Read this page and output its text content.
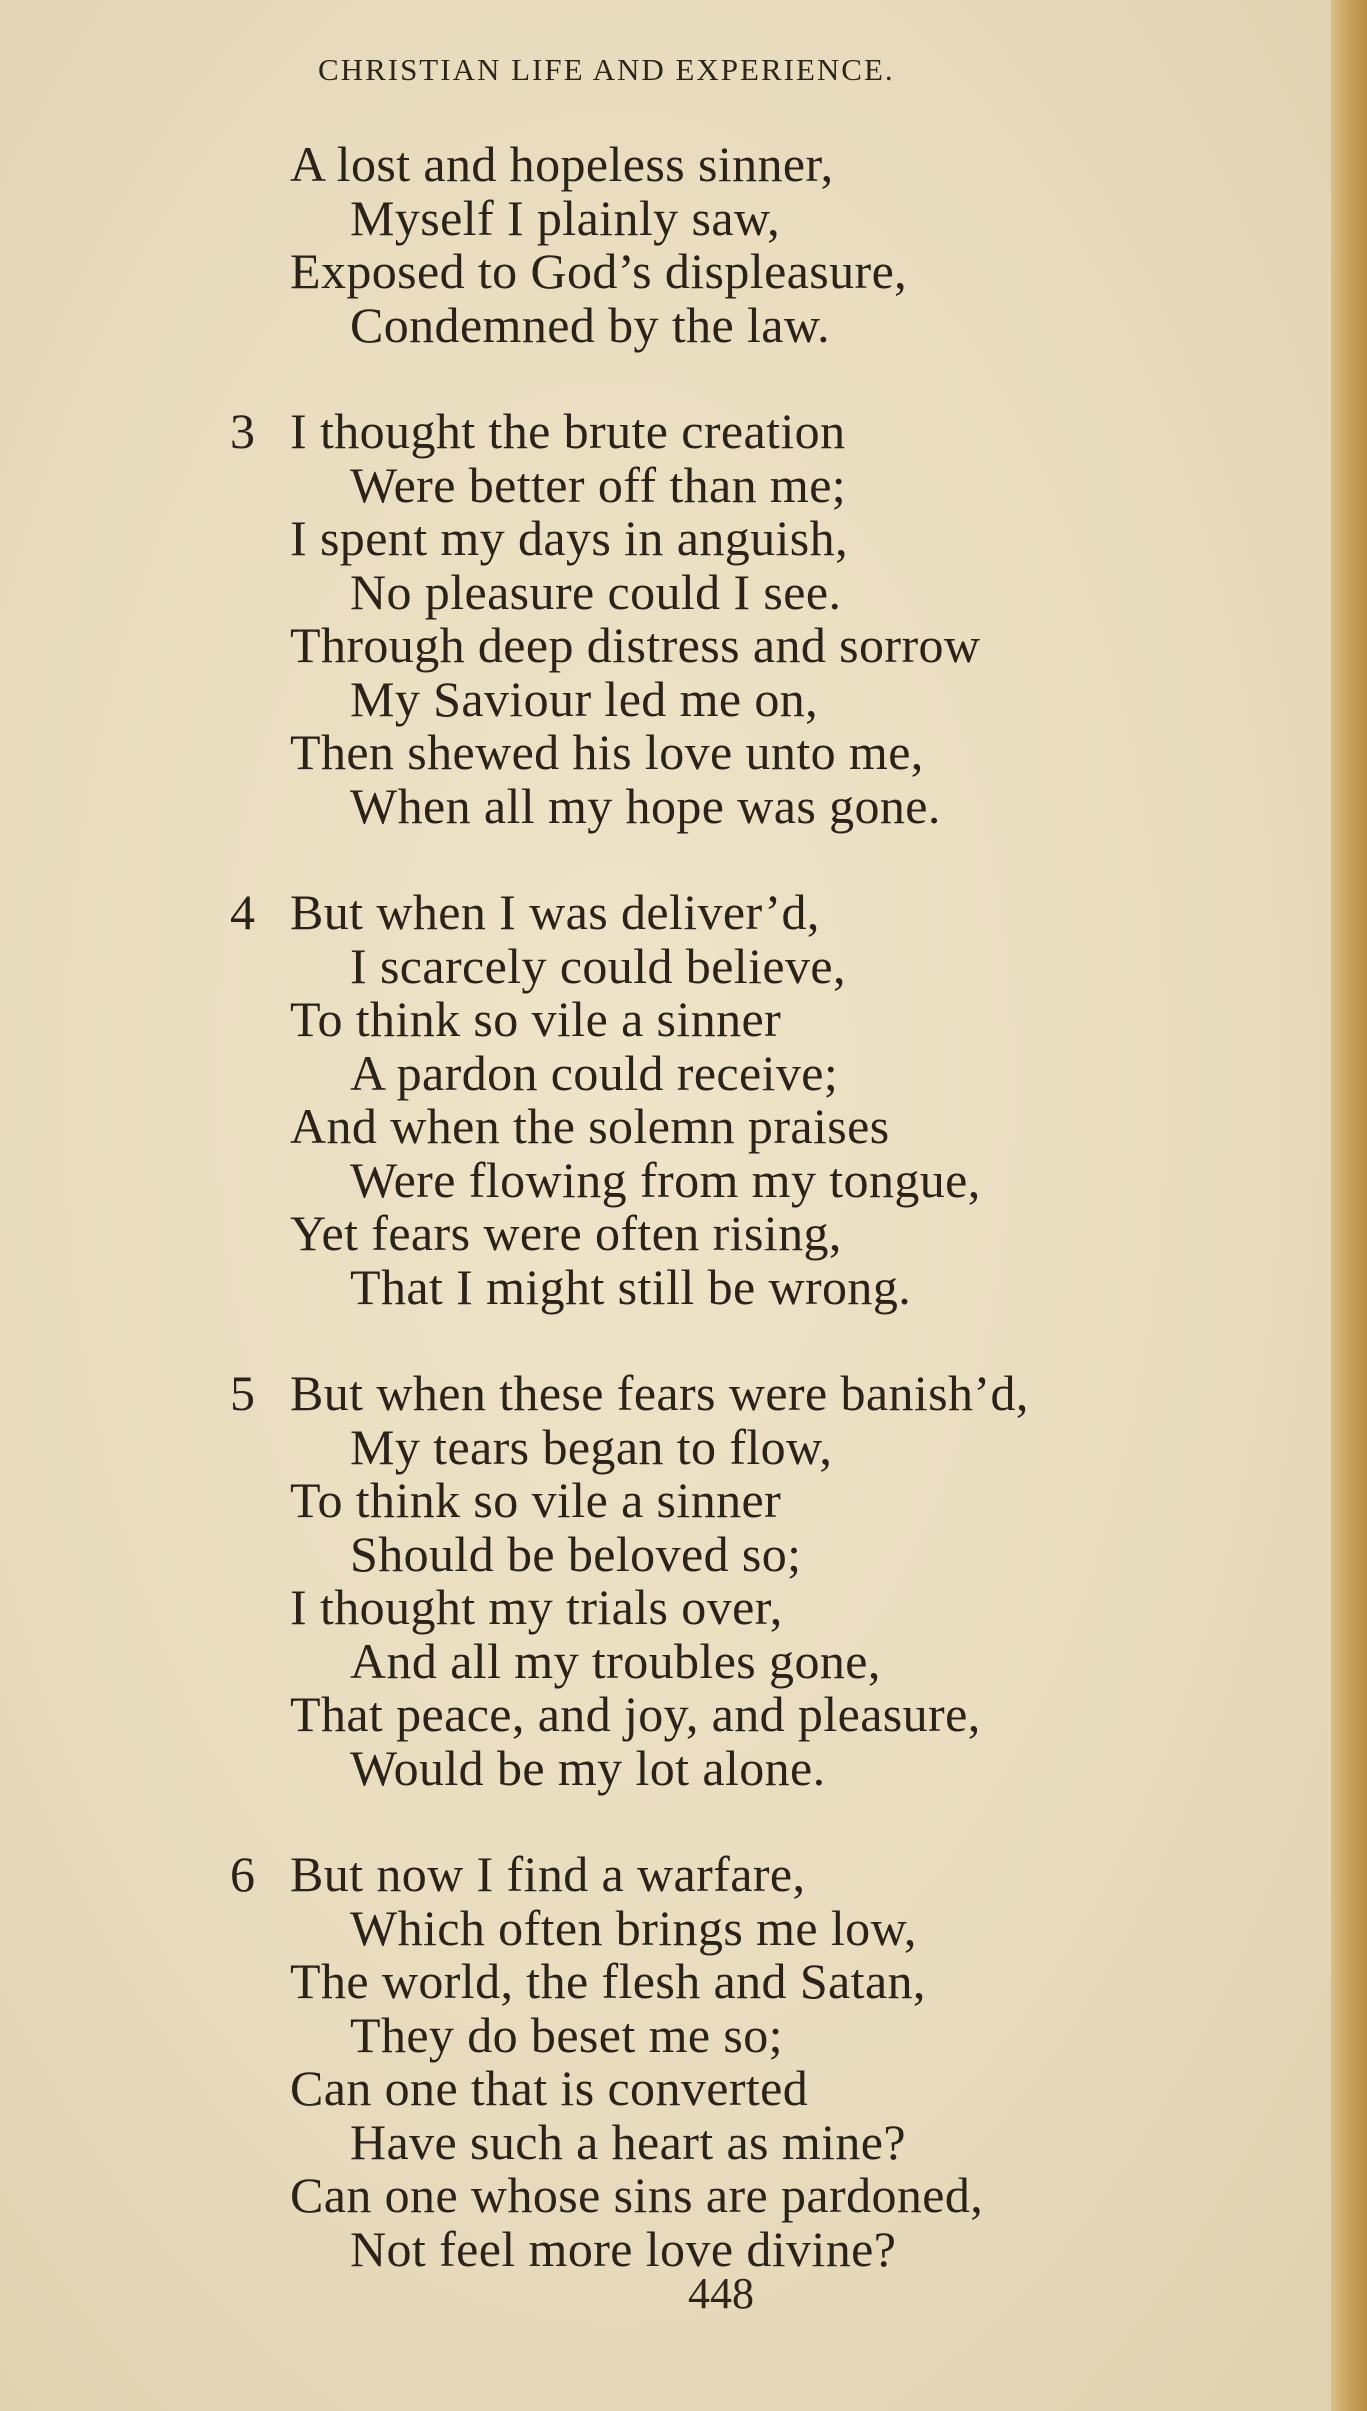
CHRISTIAN LIFE AND EXPERIENCE.
A lost and hopeless sinner,
Myself I plainly saw,
Exposed to God’s displeasure,
Condemned by the law.
3 I thought the brute creation
Were better off than me;
I spent my days in anguish,
No pleasure could I see.
Through deep distress and sorrow
My Saviour led me on,
Then shewed his love unto me,
When all my hope was gone.
4 But when I was deliver’d,
I scarcely could believe,
To think so vile a sinner
A pardon could receive;
And when the solemn praises
Were flowing from my tongue,
Yet fears were often rising,
That I might still be wrong.
5 But when these fears were banish’d,
My tears began to flow,
To think so vile a sinner
Should be beloved so;
I thought my trials over,
And all my troubles gone,
That peace, and joy, and pleasure,
Would be my lot alone.
6 But now I find a warfare,
Which often brings me low,
The world, the flesh and Satan,
They do beset me so;
Can one that is converted
Have such a heart as mine?
Can one whose sins are pardoned,
Not feel more love divine?
448
